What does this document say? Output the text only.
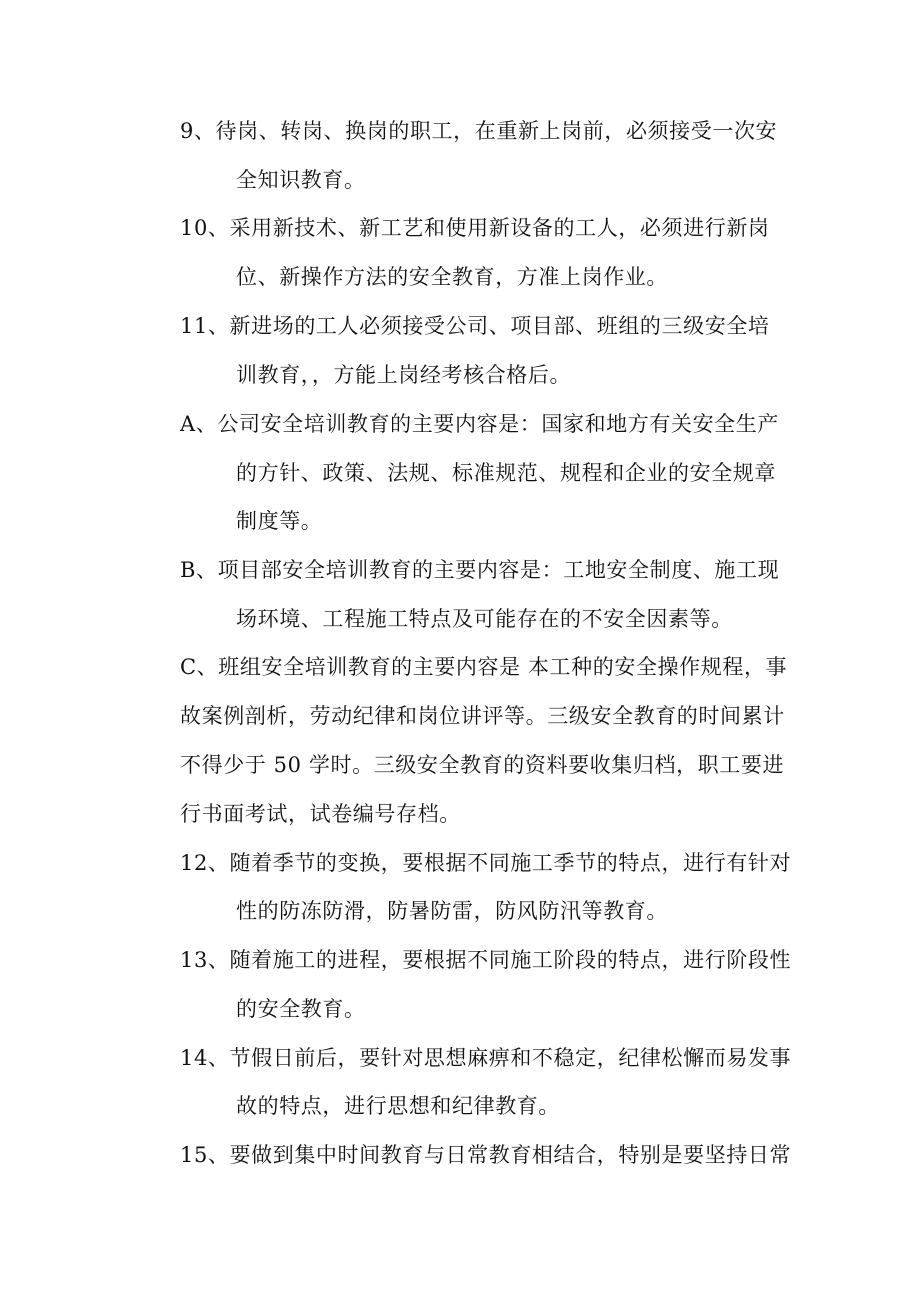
9、待岗、转岗、换岗的职工，在重新上岗前，必须接受一次安
全知识教育。
10、采用新技术、新工艺和使用新设备的工人，必须进行新岗
位、新操作方法的安全教育，方准上岗作业。
11、新进场的工人必须接受公司、项目部、班组的三级安全培
训教育，，方能上岗经考核合格后。
A、公司安全培训教育的主要内容是：国家和地方有关安全生产
的方针、政策、法规、标准规范、规程和企业的安全规章
制度等。
B、项目部安全培训教育的主要内容是：工地安全制度、施工现
场环境、工程施工特点及可能存在的不安全因素等。
C、班组安全培训教育的主要内容是 本工种的安全操作规程，事
故案例剖析，劳动纪律和岗位讲评等。三级安全教育的时间累计
不得少于 50 学时。三级安全教育的资料要收集归档，职工要进
行书面考试，试卷编号存档。
12、随着季节的变换，要根据不同施工季节的特点，进行有针对
性的防冻防滑，防暑防雷，防风防汛等教育。
13、随着施工的进程，要根据不同施工阶段的特点，进行阶段性
的安全教育。
14、节假日前后，要针对思想麻痹和不稳定，纪律松懈而易发事
故的特点，进行思想和纪律教育。
15、要做到集中时间教育与日常教育相结合，特别是要坚持日常
